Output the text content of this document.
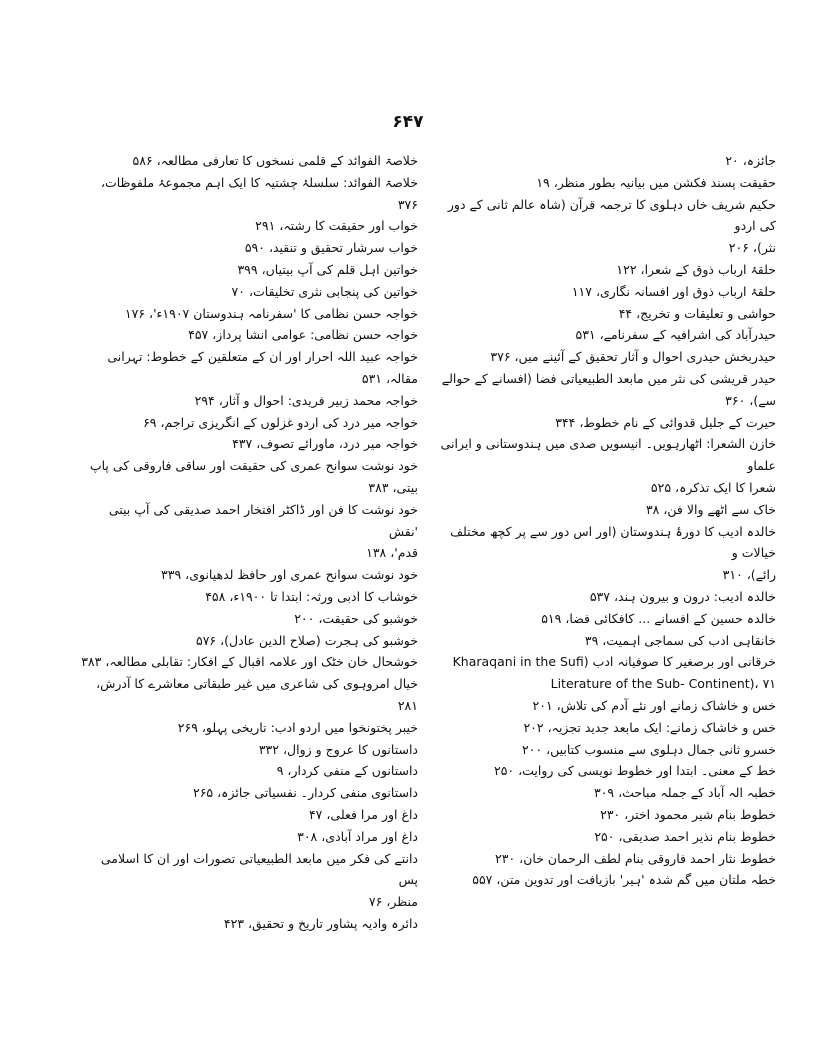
۶۴۷
جائزہ، ۲۰
حقیقت پسند فکشن میں بیانیہ بطور منظر، ۱۹
حکیم شریف خاں دہلوی کا ترجمہ قرآن (شاہ عالم ثانی کے دور کی اردو
نثر)، ۲۰۶
حلقۂ ارباب ذوق کے شعرا، ۱۲۲
حلقۂ ارباب ذوق اور افسانہ نگاری، ۱۱۷
حواشی و تعلیقات و تخریج، ۴۴
حیدرآباد کی اشرافیہ کے سفرنامے، ۵۳۱
حیدربخش حیدری احوال و آثار تحقیق کے آئینے میں، ۳۷۶
حیدر قریشی کی نثر میں مابعد الطبیعیاتی فضا (افسانے کے حوالے
سے)، ۳۶۰
حیرت کے جلیل قدوائی کے نام خطوط، ۳۴۴
خازن الشعرا: اٹھارہویں۔ انیسویں صدی میں ہندوستانی و ایرانی علماو
شعرا کا ایک تذکرہ، ۵۲۵
خاک سے اٹھے والا فن، ۳۸
خالدہ ادیب کا دورۂ ہندوستان (اور اس دور سے پر کچھ مختلف خیالات و
رائے)، ۳۱۰
خالدہ ادیب: درون و بیرون ہند، ۵۳۷
خالدہ حسین کے افسانے ... کافکائی فضا، ۵۱۹
خانقاہی ادب کی سماجی اہمیت، ۳۹
خرقانی اور برصغیر کا صوفیانہ ادب (Kharaqani in the Sufi
Literature of the Sub- Continent)، ۷۱
خس و خاشاک زمانے اور نئے آدم کی تلاش، ۲۰۱
خس و خاشاک زمانے: ایک مابعد جدید تجزیہ، ۲۰۲
خسرو ثانی جمال دہلوی سے منسوب کتابیں، ۲۰۰
خط کے معنی۔ ابتدا اور خطوط نویسی کی روایت، ۲۵۰
خطبہ الہ آباد کے جملہ مباحث، ۳۰۹
خطوط بنام شیر محمود اختر، ۲۳۰
خطوط بنام نذیر احمد صدیقی، ۲۵۰
خطوط نثار احمد فاروقی بنام لطف الرحمان خان، ۲۳۰
خطہ ملتان میں گم شدہ 'ہیر' بازیافت اور تدوین متن، ۵۵۷
خلاصۃ الفوائد کے قلمی نسخوں کا تعارفی مطالعہ، ۵۸۶
خلاصۃ الفوائد: سلسلۂ چشتیہ کا ایک اہم مجموعۂ ملفوظات، ۳۷۶
خواب اور حقیقت کا رشتہ، ۲۹۱
خواب سرشار تحقیق و تنقید، ۵۹۰
خواتین اہل قلم کی آپ بیتیاں، ۳۹۹
خواتین کی پنجابی نثری تخلیقات، ۷۰
خواجہ حسن نظامی کا 'سفرنامہ ہندوستان ۱۹۰۷ء'، ۱۷۶
خواجہ حسن نظامی: عوامی انشا پرداز، ۴۵۷
خواجہ عبید اللہ احرار اور ان کے متعلقین کے خطوط: تہرانی مقالہ، ۵۳۱
خواجہ محمد زبیر فریدی: احوال و آثار، ۲۹۴
خواجہ میر درد کی اردو غزلوں کے انگریزی تراجم، ۶۹
خواجہ میر درد، ماورائے تصوف، ۴۳۷
خود نوشت سوانح عمری کی حقیقت اور ساقی فاروقی کی پاپ بیتی، ۳۸۳
خود نوشت کا فن اور ڈاکٹر افتخار احمد صدیقی کی آپ بیتی 'نقش
قدم'، ۱۳۸
خود نوشت سوانح عمری اور حافظ لدھیانوی، ۳۳۹
خوشاب کا ادبی ورثہ: ابتدا تا ۱۹۰۰ء، ۴۵۸
خوشبو کی حقیقت، ۲۰۰
خوشبو کی ہجرت (صلاح الدین عادل)، ۵۷۶
خوشحال خان خٹک اور علامہ اقبال کے افکار: تقابلی مطالعہ، ۳۸۳
خیال امروہوی کی شاعری میں غیر طبقاتی معاشرے کا آدرش، ۲۸۱
خیبر پختونخوا میں اردو ادب: تاریخی پہلو، ۲۶۹
داستانوں کا عروج و زوال، ۳۳۲
داستانوں کے منفی کردار، ۹
داستانوی منفی کردار۔ نفسیاتی جائزہ، ۲۶۵
داغ اور مرا فعلی، ۴۷
داغ اور مراد آبادی، ۳۰۸
دانتے کی فکر میں مابعد الطبیعیاتی تصورات اور ان کا اسلامی پس
منظر، ۷۶
دائرہ وادیہ پشاور تاریخ و تحقیق، ۴۲۳
